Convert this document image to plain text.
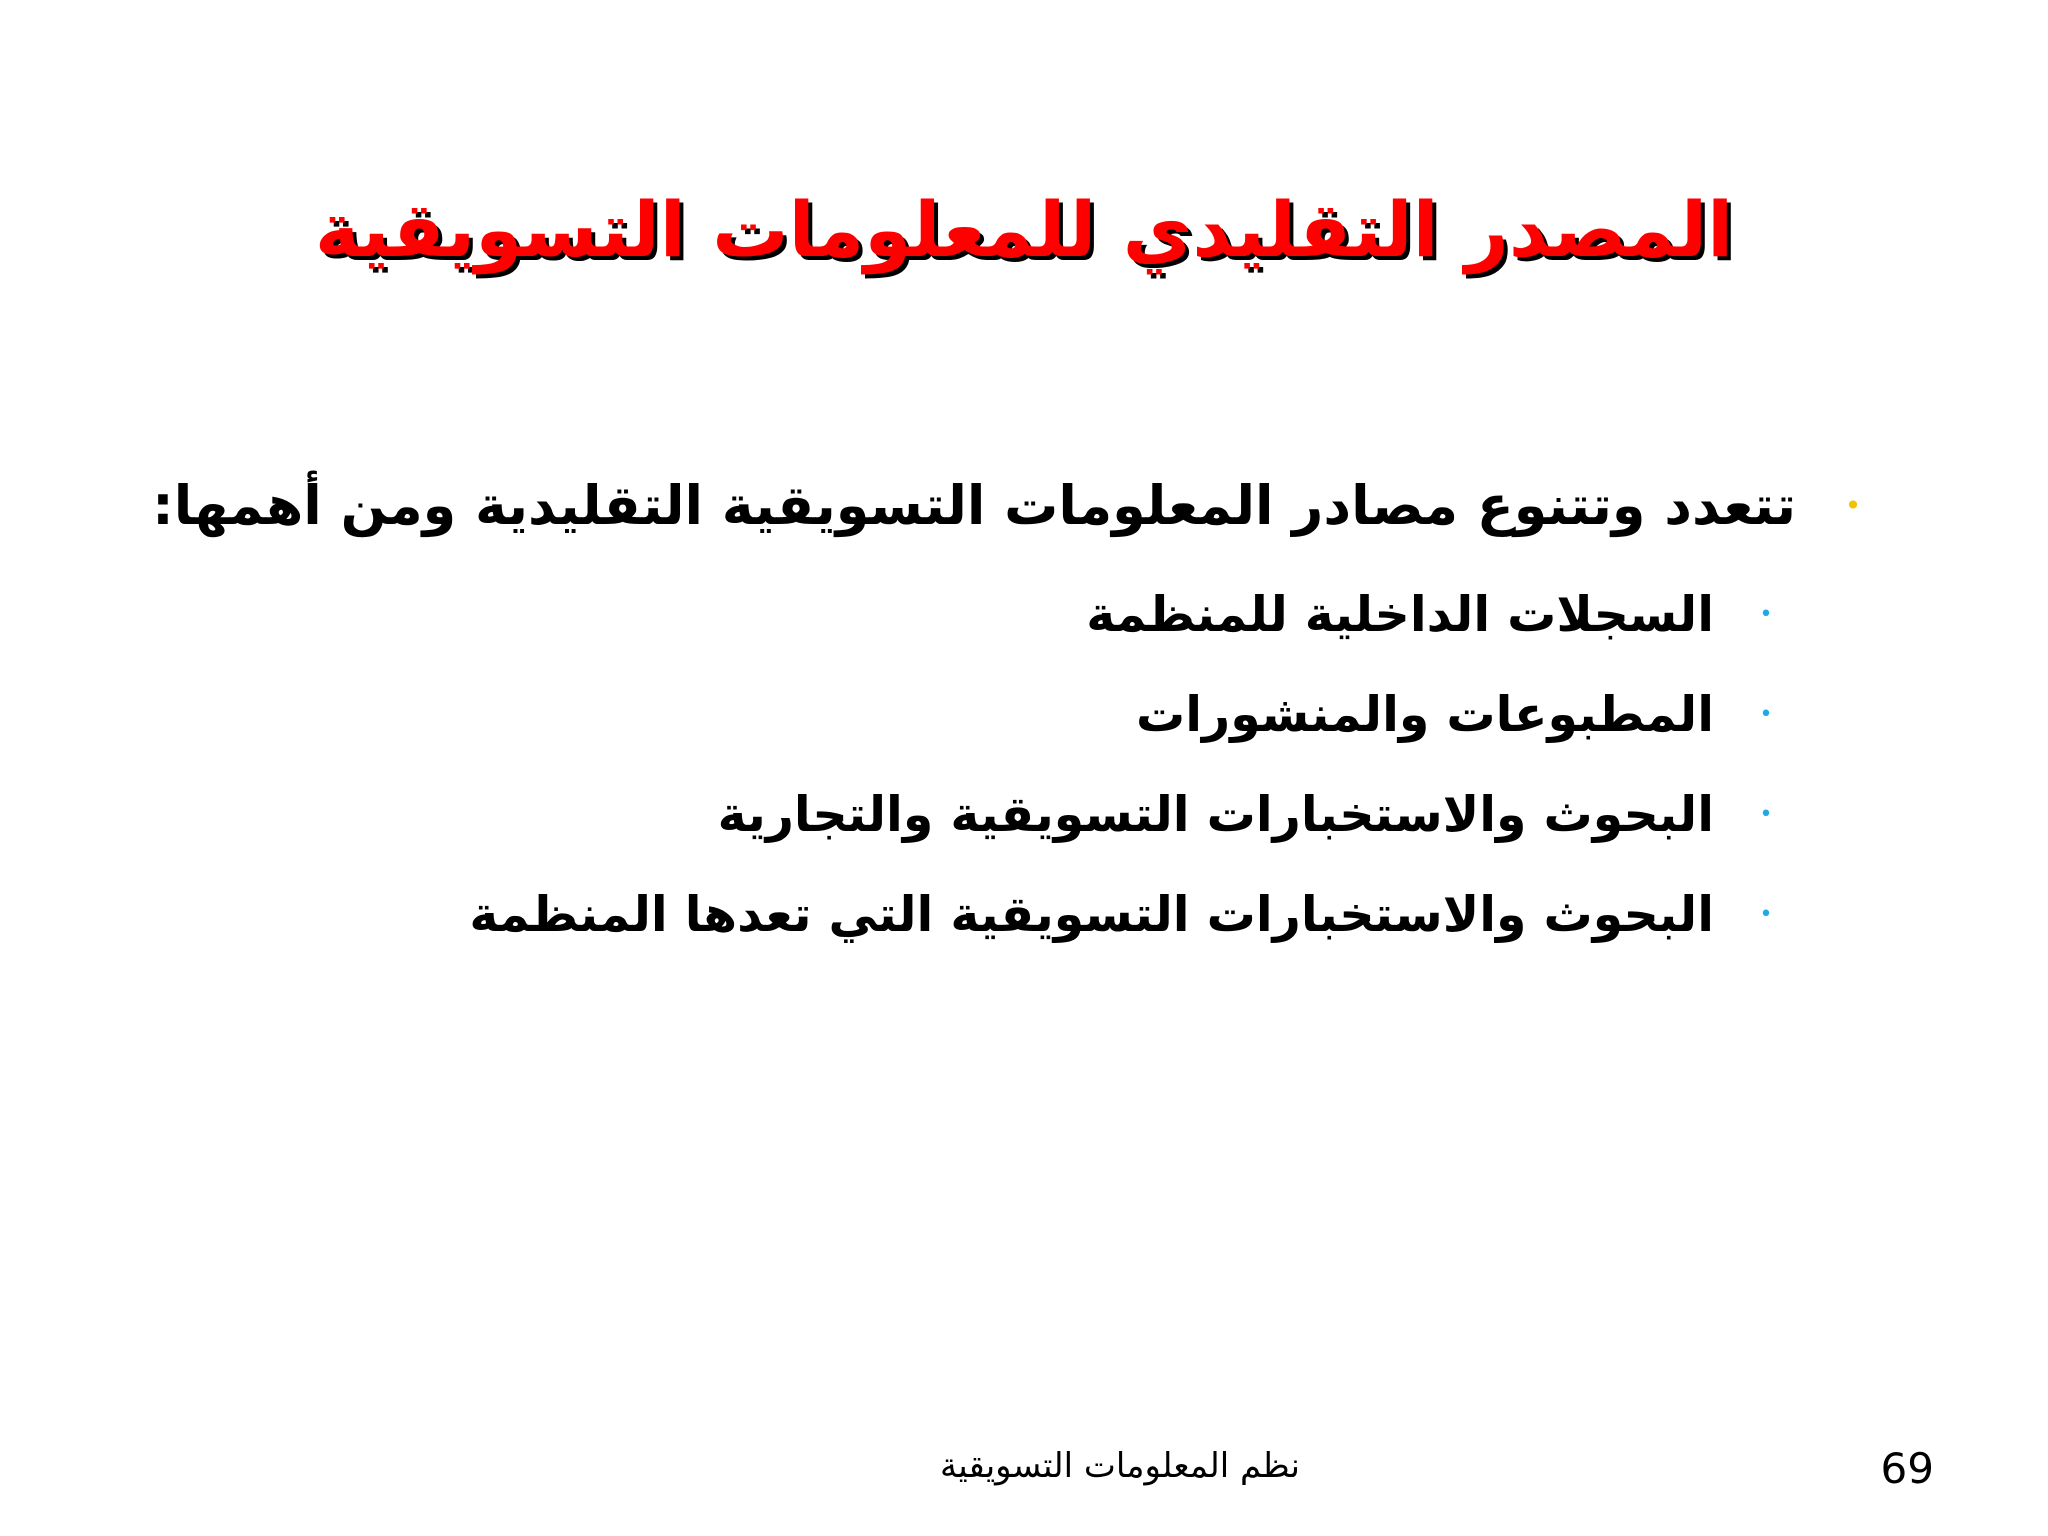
المصدر التقليدي للمعلومات التسويقية
•
تتعدد وتتنوع مصادر المعلومات التسويقية التقليدية ومن أهمها:
•
السجلات الداخلية للمنظمة
•
المطبوعات والمنشورات
•
البحوث والاستخبارات التسويقية والتجارية
•
البحوث والاستخبارات التسويقية التي تعدها المنظمة
نظم المعلومات التسويقية	69
